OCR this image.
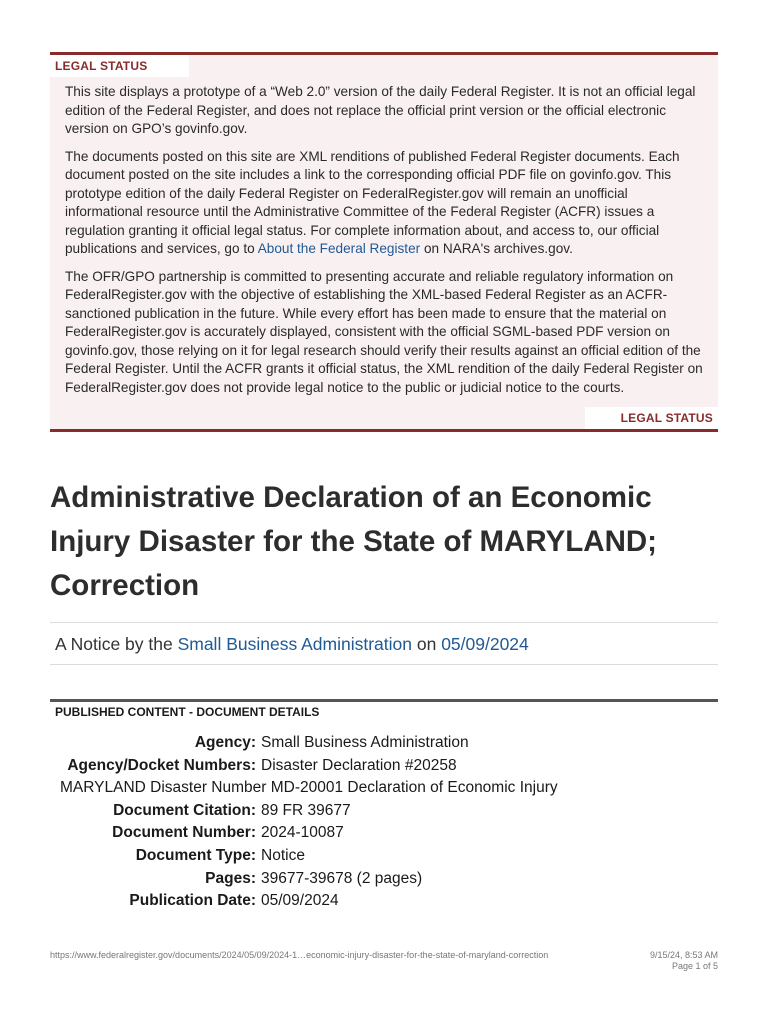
LEGAL STATUS

This site displays a prototype of a “Web 2.0” version of the daily Federal Register. It is not an official legal edition of the Federal Register, and does not replace the official print version or the official electronic version on GPO’s govinfo.gov.

The documents posted on this site are XML renditions of published Federal Register documents. Each document posted on the site includes a link to the corresponding official PDF file on govinfo.gov. This prototype edition of the daily Federal Register on FederalRegister.gov will remain an unofficial informational resource until the Administrative Committee of the Federal Register (ACFR) issues a regulation granting it official legal status. For complete information about, and access to, our official publications and services, go to About the Federal Register on NARA's archives.gov.

The OFR/GPO partnership is committed to presenting accurate and reliable regulatory information on FederalRegister.gov with the objective of establishing the XML-based Federal Register as an ACFR-sanctioned publication in the future. While every effort has been made to ensure that the material on FederalRegister.gov is accurately displayed, consistent with the official SGML-based PDF version on govinfo.gov, those relying on it for legal research should verify their results against an official edition of the Federal Register. Until the ACFR grants it official status, the XML rendition of the daily Federal Register on FederalRegister.gov does not provide legal notice to the public or judicial notice to the courts.

LEGAL STATUS
Administrative Declaration of an Economic Injury Disaster for the State of MARYLAND; Correction
A Notice by the Small Business Administration on 05/09/2024
PUBLISHED CONTENT - DOCUMENT DETAILS
Agency: Small Business Administration
Agency/Docket Numbers: Disaster Declaration #20258
MARYLAND Disaster Number MD-20001 Declaration of Economic Injury
Document Citation: 89 FR 39677
Document Number: 2024-10087
Document Type: Notice
Pages: 39677-39678 (2 pages)
Publication Date: 05/09/2024
https://www.federalregister.gov/documents/2024/05/09/2024-1…economic-injury-disaster-for-the-state-of-maryland-correction	9/15/24, 8:53 AM
Page 1 of 5
